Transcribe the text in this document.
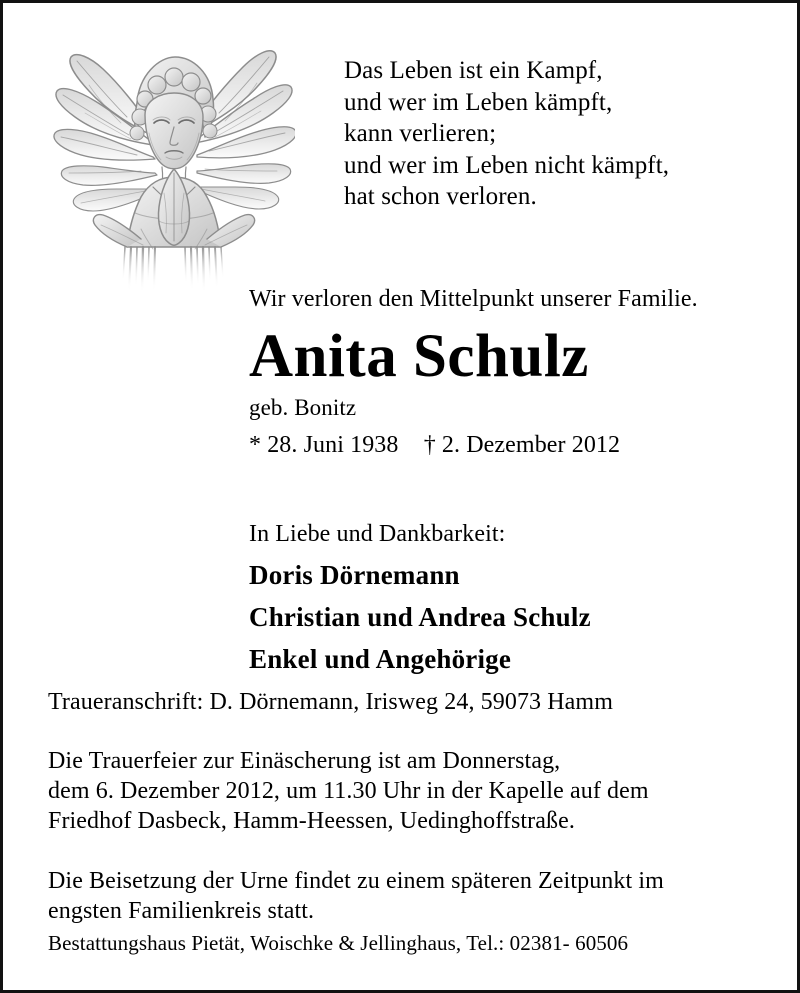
Das Leben ist ein Kampf,
und wer im Leben kämpft,
kann verlieren;
und wer im Leben nicht kämpft,
hat schon verloren.
Wir verloren den Mittelpunkt unserer Familie.
Anita Schulz
geb. Bonitz
* 28. Juni 1938 † 2. Dezember 2012
In Liebe und Dankbarkeit:
Doris Dörnemann
Christian und Andrea Schulz
Enkel und Angehörige
Traueranschrift: D. Dörnemann, Irisweg 24, 59073 Hamm
Die Trauerfeier zur Einäscherung ist am Donnerstag,
dem 6. Dezember 2012, um 11.30 Uhr in der Kapelle auf dem
Friedhof Dasbeck, Hamm-Heessen, Uedinghoffstraße.
Die Beisetzung der Urne findet zu einem späteren Zeitpunkt im
engsten Familienkreis statt.
Bestattungshaus Pietät, Woischke & Jellinghaus, Tel.: 02381- 60506
